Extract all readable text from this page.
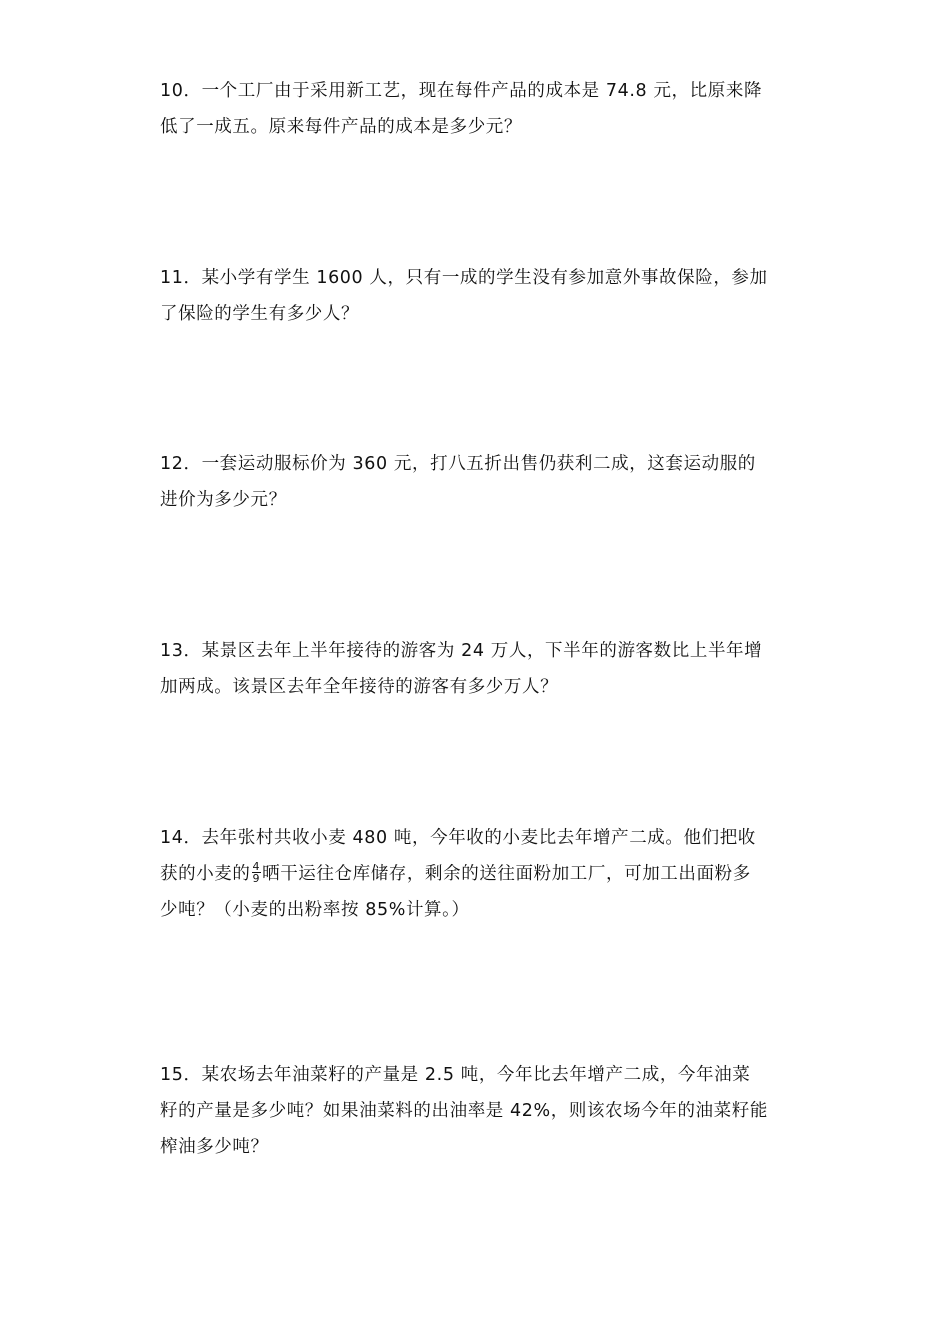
10．一个工厂由于采用新工艺，现在每件产品的成本是 74.8 元，比原来降
低了一成五。原来每件产品的成本是多少元？
11．某小学有学生 1600 人，只有一成的学生没有参加意外事故保险，参加
了保险的学生有多少人？
12．一套运动服标价为 360 元，打八五折出售仍获利二成，这套运动服的
进价为多少元？
13．某景区去年上半年接待的游客为 24 万人，下半年的游客数比上半年增
加两成。该景区去年全年接待的游客有多少万人？
14．去年张村共收小麦 480 吨，今年收的小麦比去年增产二成。他们把收
获的小麦的 $\frac{4}{9}$ 晒干运往仓库储存，剩余的送往面粉加工厂，可加工出面粉多
少吨？（小麦的出粉率按 85%计算。）
15．某农场去年油菜籽的产量是 2.5 吨，今年比去年增产二成，今年油菜
籽的产量是多少吨？如果油菜料的出油率是 42%，则该农场今年的油菜籽能
榨油多少吨？
